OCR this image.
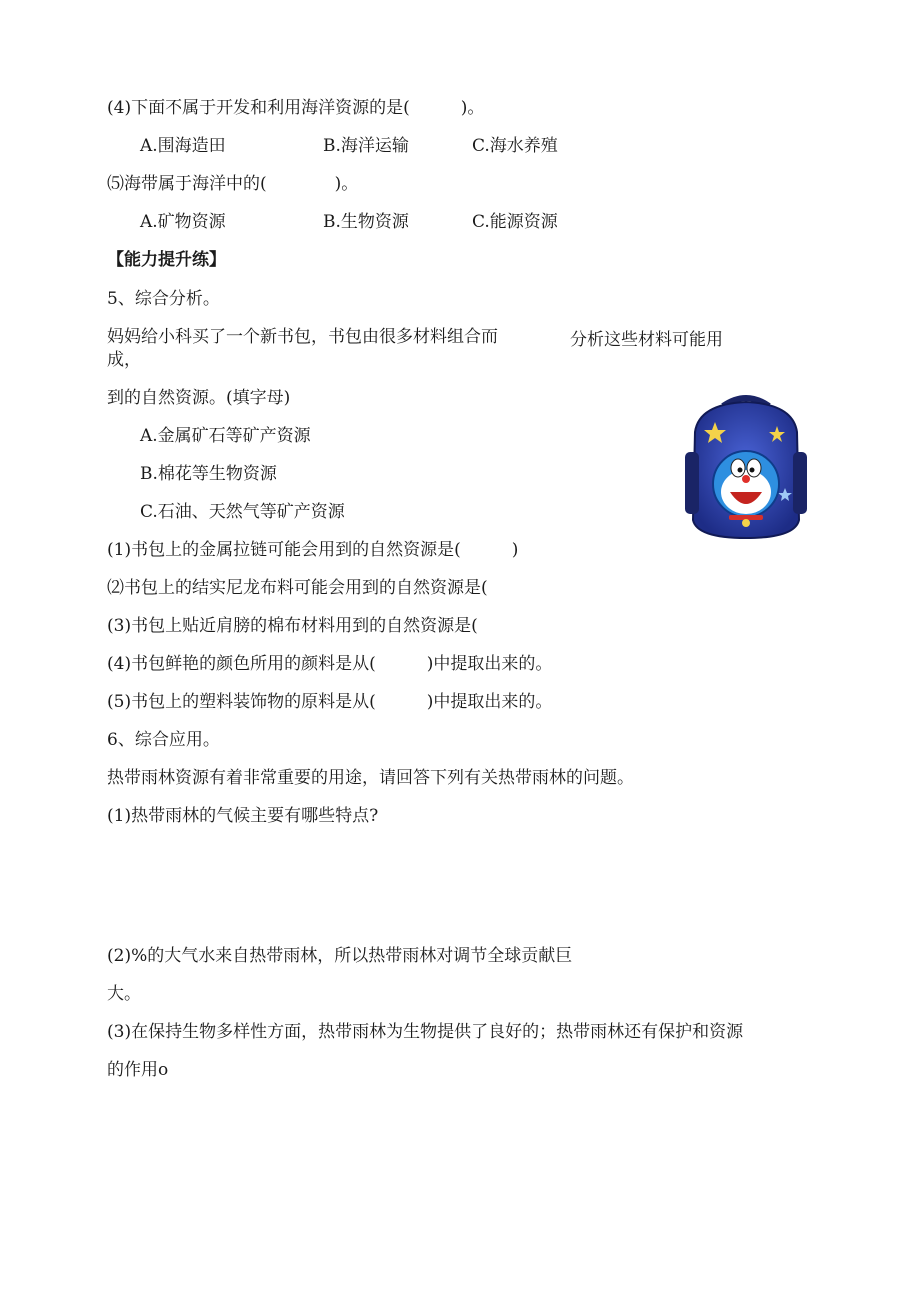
(4)下面不属于开发和利用海洋资源的是(　　　)。
A.围海造田	B.海洋运输	C.海水养殖
⑸海带属于海洋中的(　　　　)。
A.矿物资源	B.生物资源	C.能源资源
【能力提升练】
5、综合分析。
妈妈给小科买了一个新书包，书包由很多材料组合而
成，
分析这些材料可能用
到的自然资源。(填字母)
A.金属矿石等矿产资源
B.棉花等生物资源
C.石油、天然气等矿产资源
(1)书包上的金属拉链可能会用到的自然资源是(　　　)
⑵书包上的结实尼龙布料可能会用到的自然资源是(
(3)书包上贴近肩膀的棉布材料用到的自然资源是(
(4)书包鲜艳的颜色所用的颜料是从(　　　)中提取出来的。
(5)书包上的塑料装饰物的原料是从(　　　)中提取出来的。
6、综合应用。
热带雨林资源有着非常重要的用途，请回答下列有关热带雨林的问题。
(1)热带雨林的气候主要有哪些特点?
(2)%的大气水来自热带雨林，所以热带雨林对调节全球贡献巨
大。
(3)在保持生物多样性方面，热带雨林为生物提供了良好的；热带雨林还有保护和资源
的作用o
